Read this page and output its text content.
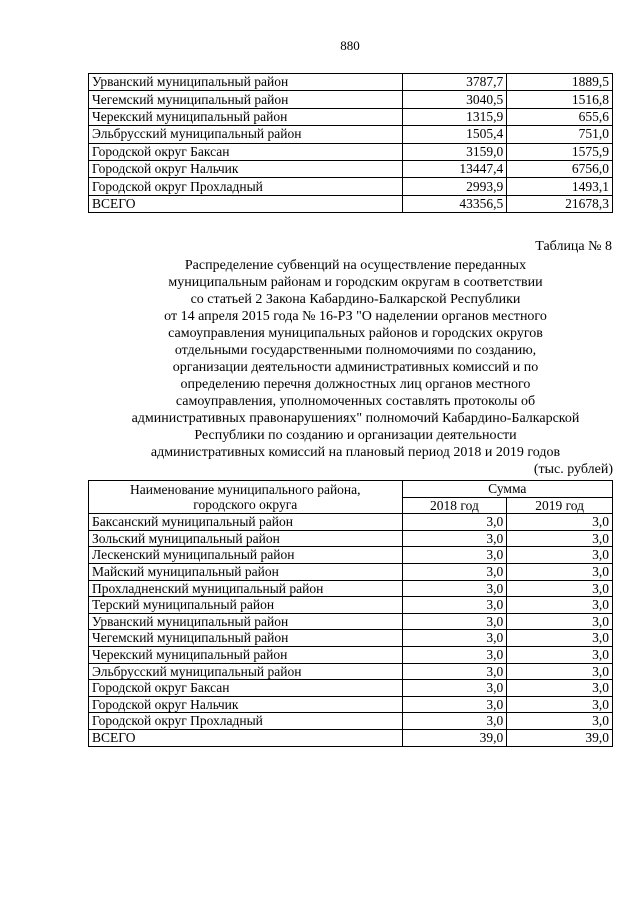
880
Урванский муниципальный район	3787,7	1889,5
Чегемский муниципальный район	3040,5	1516,8
Черекский муниципальный район	1315,9	655,6
Эльбрусский муниципальный район	1505,4	751,0
Городской округ Баксан	3159,0	1575,9
Городской округ Нальчик	13447,4	6756,0
Городской округ Прохладный	2993,9	1493,1
ВСЕГО	43356,5	21678,3
Таблица № 8
Распределение субвенций на осуществление переданных
муниципальным районам и городским округам в соответствии
со статьей 2 Закона Кабардино-Балкарской Республики
от 14 апреля 2015 года № 16-РЗ "О наделении органов местного
самоуправления муниципальных районов и городских округов
отдельными государственными полномочиями по созданию,
организации деятельности административных комиссий и по
определению перечня должностных лиц органов местного
самоуправления, уполномоченных составлять протоколы об
административных правонарушениях" полномочий Кабардино-Балкарской
Республики по созданию и организации деятельности
административных комиссий на плановый период 2018 и 2019 годов
(тыс. рублей)
Наименование муниципального района,
городского округа	Сумма	
	2018 год	2019 год
Баксанский муниципальный район	3,0	3,0
Зольский муниципальный район	3,0	3,0
Лескенский муниципальный район	3,0	3,0
Майский муниципальный район	3,0	3,0
Прохладненский муниципальный район	3,0	3,0
Терский муниципальный район	3,0	3,0
Урванский муниципальный район	3,0	3,0
Чегемский муниципальный район	3,0	3,0
Черекский муниципальный район	3,0	3,0
Эльбрусский муниципальный район	3,0	3,0
Городской округ Баксан	3,0	3,0
Городской округ Нальчик	3,0	3,0
Городской округ Прохладный	3,0	3,0
ВСЕГО	39,0	39,0
